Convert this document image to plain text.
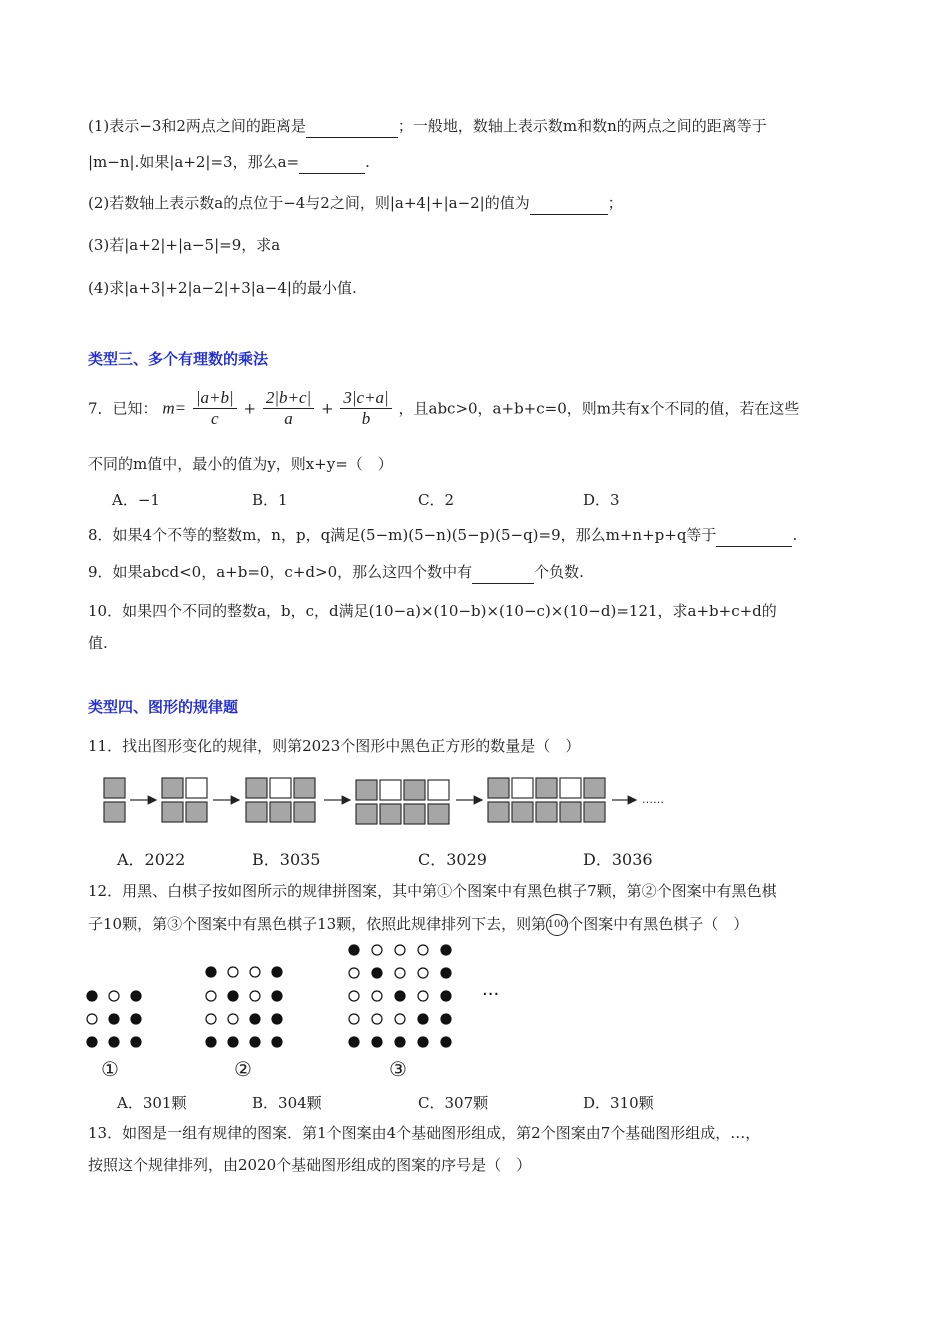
(1)表示−3和2两点之间的距离是	；一般地，数轴上表示数m和数n的两点之间的距离等于
|m−n|.如果|a+2|=3，那么a=	.
(2)若数轴上表示数a的点位于−4与2之间，则|a+4|+|a−2|的值为	；
(3)若|a+2|+|a−5|=9，求a
(4)求|a+3|+2|a−2|+3|a−4|的最小值.
类型三、多个有理数的乘法
7．已知： $m= \frac{|a+b|}{c} + \frac{2|b+c|}{a} + \frac{3|c+a|}{b}$ ，且abc>0，a+b+c=0，则m共有x个不同的值，若在这些
不同的m值中，最小的值为y，则x+y=（　）
A．−1	B．1	C．2	D．3
8．如果4个不等的整数m，n，p，q满足(5−m)(5−n)(5−p)(5−q)=9，那么m+n+p+q等于	.
9．如果abcd<0，a+b=0，c+d>0，那么这四个数中有	个负数.
10．如果四个不同的整数a，b，c，d满足(10−a)×(10−b)×(10−c)×(10−d)=121，求a+b+c+d的
值.
类型四、图形的规律题
11．找出图形变化的规律，则第2023个图形中黑色正方形的数量是（　）
……
A．2022	B．3035	C．3029	D．3036
12．用黑、白棋子按如图所示的规律拼图案，其中第①个图案中有黑色棋子7颗，第②个图案中有黑色棋
子10颗，第③个图案中有黑色棋子13颗，依照此规律排列下去，则第100个图案中有黑色棋子（　）
···
①	②	③
A．301颗	B．304颗	C．307颗	D．310颗
13．如图是一组有规律的图案．第1个图案由4个基础图形组成，第2个图案由7个基础图形组成，…，
按照这个规律排列，由2020个基础图形组成的图案的序号是（　）
